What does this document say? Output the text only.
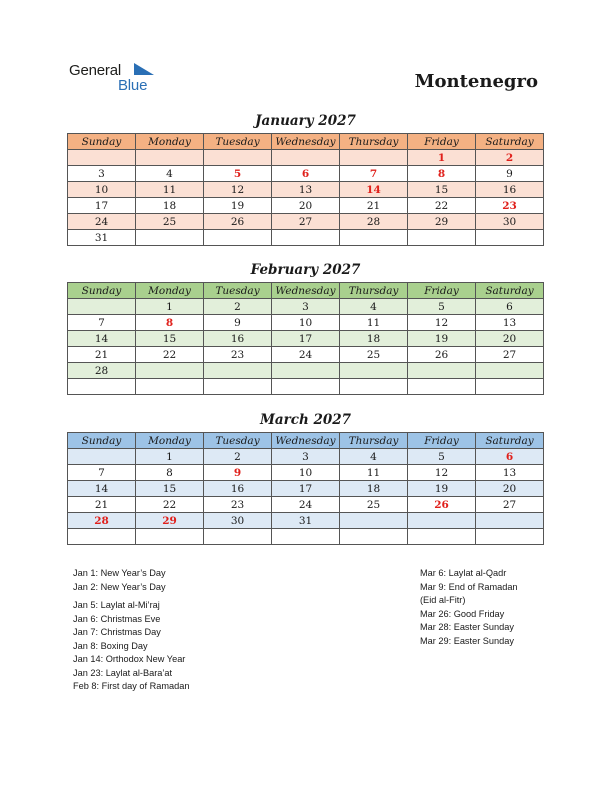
General
Blue	Montenegro
January 2027
Sunday	Monday	Tuesday	Wednesday	Thursday	Friday	Saturday
					1	2
3	4	5	6	7	8	9
10	11	12	13	14	15	16
17	18	19	20	21	22	23
24	25	26	27	28	29	30
31						
February 2027
Sunday	Monday	Tuesday	Wednesday	Thursday	Friday	Saturday
	1	2	3	4	5	6
7	8	9	10	11	12	13
14	15	16	17	18	19	20
21	22	23	24	25	26	27
28						

March 2027
Sunday	Monday	Tuesday	Wednesday	Thursday	Friday	Saturday
	1	2	3	4	5	6
7	8	9	10	11	12	13
14	15	16	17	18	19	20
21	22	23	24	25	26	27
28	29	30	31			

Jan 1: New Year’s Day
Jan 2: New Year’s Day
Jan 5: Laylat al-Mi’raj
Jan 6: Christmas Eve
Jan 7: Christmas Day
Jan 8: Boxing Day
Jan 14: Orthodox New Year
Jan 23: Laylat al-Bara’at
Feb 8: First day of Ramadan
Mar 6: Laylat al-Qadr
Mar 9: End of Ramadan
(Eid al-Fitr)
Mar 26: Good Friday
Mar 28: Easter Sunday
Mar 29: Easter Sunday
